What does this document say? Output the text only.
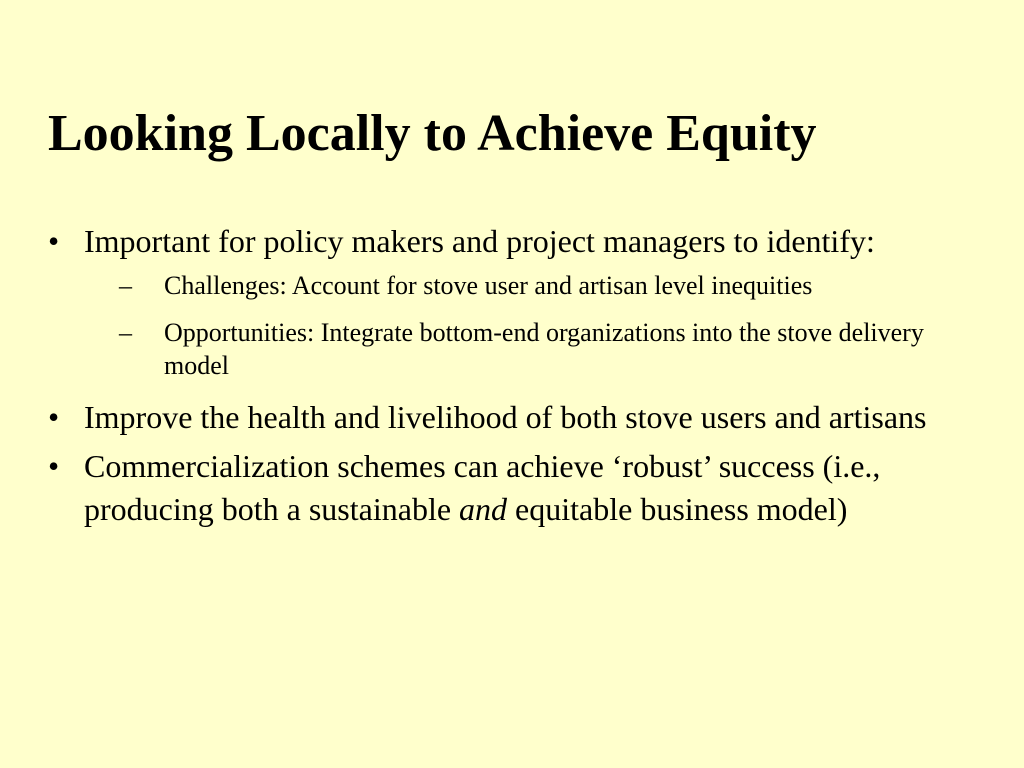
Looking Locally to Achieve Equity
• Important for policy makers and project managers to identify:
– Challenges: Account for stove user and artisan level inequities
– Opportunities: Integrate bottom-end organizations into the stove delivery model
• Improve the health and livelihood of both stove users and artisans
• Commercialization schemes can achieve ‘robust’ success (i.e., producing both a sustainable and equitable business model)
